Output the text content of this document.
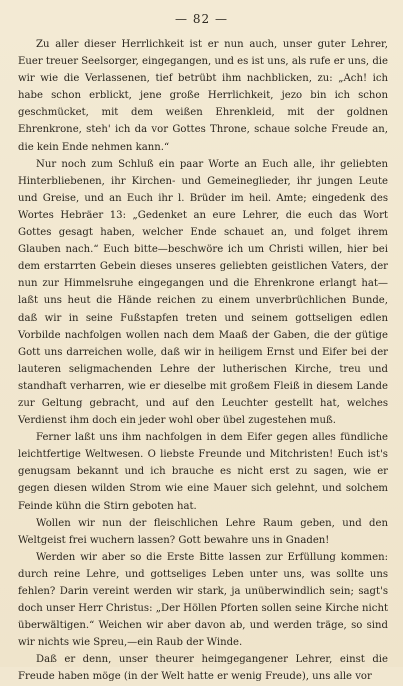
— 82 —

Zu aller dieser Herrlichkeit ist er nun auch, unser guter Lehrer, Euer treuer Seelsorger, eingegangen, und es ist uns, als rufe er uns, die wir wie die Verlassenen, tief betrübt ihm nachblicken, zu: „Ach! ich habe schon erblickt, jene große Herrlichkeit, jezo bin ich schon geschmücket, mit dem weißen Ehrenkleid, mit der goldnen Ehrenkrone, steh' ich da vor Gottes Throne, schaue solche Freude an, die kein Ende nehmen kann.“

Nur noch zum Schluß ein paar Worte an Euch alle, ihr geliebten Hinterbliebenen, ihr Kirchen- und Gemeineglieder, ihr jungen Leute und Greise, und an Euch ihr l. Brüder im heil. Amte; eingedenk des Wortes Hebräer 13: „Gedenket an eure Lehrer, die euch das Wort Gottes gesagt haben, welcher Ende schauet an, und folget ihrem Glauben nach.“ Euch bitte—beschwöre ich um Christi willen, hier bei dem erstarrten Gebein dieses unseres geliebten geistlichen Vaters, der nun zur Himmelsruhe eingegangen und die Ehrenkrone erlangt hat—laßt uns heut die Hände reichen zu einem unverbrüchlichen Bunde, daß wir in seine Fußstapfen treten und seinem gottseligen edlen Vorbilde nachfolgen wollen nach dem Maaß der Gaben, die der gütige Gott uns darreichen wolle, daß wir in heiligem Ernst und Eifer bei der lauteren seligmachenden Lehre der lutherischen Kirche, treu und standhaft verharren, wie er dieselbe mit großem Fleiß in diesem Lande zur Geltung gebracht, und auf den Leuchter gestellt hat, welches Verdienst ihm doch ein jeder wohl ober übel zugestehen muß.

Ferner laßt uns ihm nachfolgen in dem Eifer gegen alles fündliche leichtfertige Weltwesen. O liebste Freunde und Mitchristen! Euch ist's genugsam bekannt und ich brauche es nicht erst zu sagen, wie er gegen diesen wilden Strom wie eine Mauer sich gelehnt, und solchem Feinde kühn die Stirn geboten hat.

Wollen wir nun der fleischlichen Lehre Raum geben, und den Weltgeist frei wuchern lassen? Gott bewahre uns in Gnaden!

Werden wir aber so die Erste Bitte lassen zur Erfüllung kommen: durch reine Lehre, und gottseliges Leben unter uns, was sollte uns fehlen? Darin vereint werden wir stark, ja unüberwindlich sein; sagt's doch unser Herr Christus: „Der Höllen Pforten sollen seine Kirche nicht überwältigen.“ Weichen wir aber davon ab, und werden träge, so sind wir nichts wie Spreu,—ein Raub der Winde.

Daß er denn, unser theurer heimgegangener Lehrer, einst die Freude haben möge (in der Welt hatte er wenig Freude), uns alle vor
